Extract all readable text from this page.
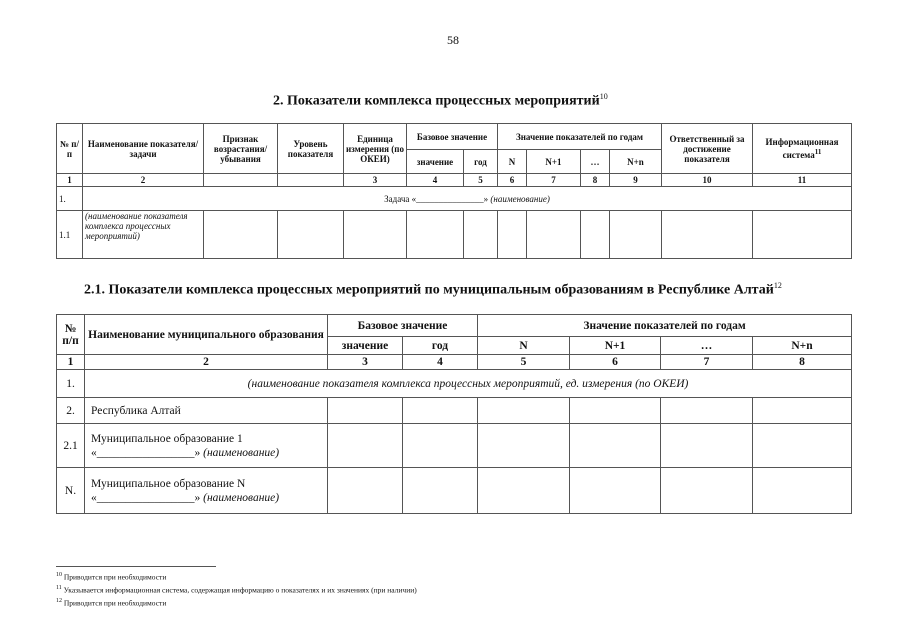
58
2. Показатели комплекса процессных мероприятий$^{10}$
№ п/п	Наименование показателя/задачи	Признак возрастания/ убывания	Уровень показателя	Единица измерения (по ОКЕИ)	Базовое значение		Значение показателей по годам				Ответственный за достижение показателя	Информационная система$^{11}$
					значение	год	N	N+1	…	N+n		
1	2			3	4	5	6	7	8	9	10	11
1.	Задача «_______________» (наименование)											
1.1	(наименование показателя комплекса процессных мероприятий)											
2.1. Показатели комплекса процессных мероприятий по муниципальным образованиям в Республике Алтай$^{12}$
№ п/п	Наименование муниципального образования	Базовое значение		Значение показателей по годам			
		значение	год	N	N+1	…	N+n
1	2	3	4	5	6	7	8
1.	(наименование показателя комплекса процессных мероприятий, ед. измерения (по ОКЕИ)						
2.	Республика Алтай						
2.1	Муниципальное образование 1
«_________________» (наименование)						

N.	Муниципальное образование N
«_________________» (наименование)						

$^{10}$ Приводится при необходимости
$^{11}$ Указывается информационная система, содержащая информацию о показателях и их значениях (при наличии)
$^{12}$ Приводится при необходимости
